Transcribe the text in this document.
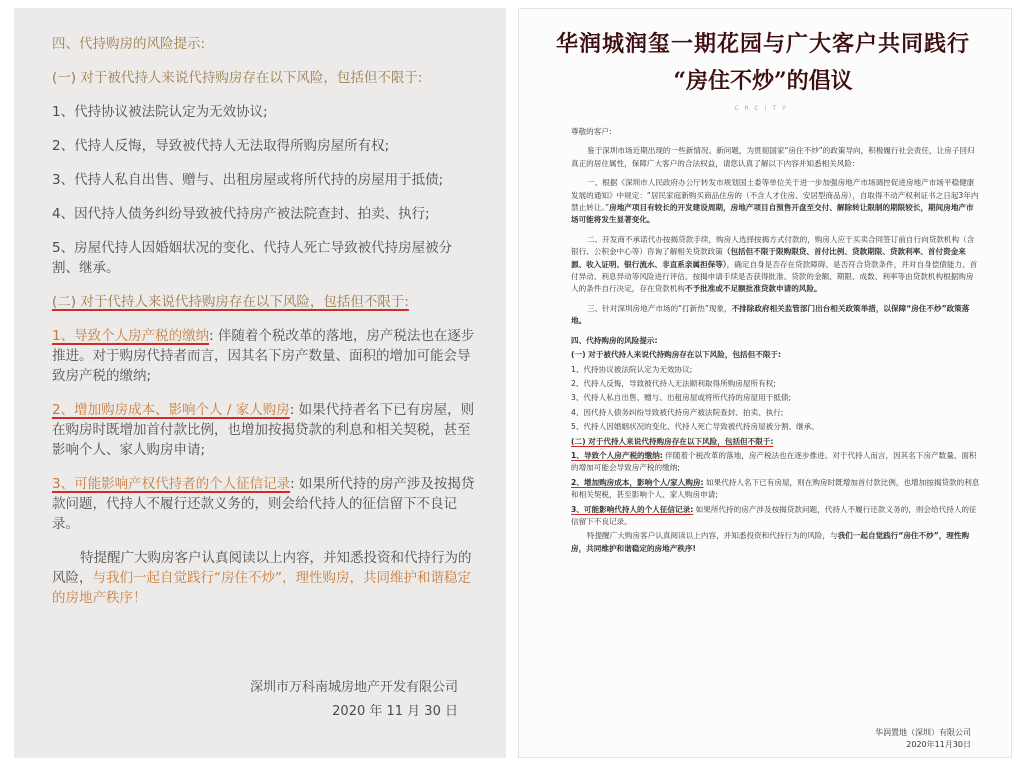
四、代持购房的风险提示:

(一) 对于被代持人来说代持购房存在以下风险，包括但不限于:

1、代持协议被法院认定为无效协议;

2、代持人反悔，导致被代持人无法取得所购房屋所有权;

3、代持人私自出售、赠与、出租房屋或将所代持的房屋用于抵债;

4、因代持人债务纠纷导致被代持房产被法院查封、拍卖、执行;

5、房屋代持人因婚姻状况的变化、代持人死亡导致被代持房屋被分割、继承。

(二) 对于代持人来说代持购房存在以下风险，包括但不限于:

1、导致个人房产税的缴纳: 伴随着个税改革的落地，房产税法也在逐步推进。对于购房代持者而言，因其名下房产数量、面积的增加可能会导致房产税的缴纳;

2、增加购房成本、影响个人 / 家人购房: 如果代持者名下已有房屋，则在购房时既增加首付款比例，也增加按揭贷款的利息和相关契税，甚至影响个人、家人购房申请;

3、可能影响产权代持者的个人征信记录: 如果所代持的房产涉及按揭贷款问题，代持人不履行还款义务的，则会给代持人的征信留下不良记录。

特提醒广大购房客户认真阅读以上内容，并知悉投资和代持行为的风险，与我们一起自觉践行“房住不炒”，理性购房，共同维护和谐稳定的房地产秩序！

深圳市万科南城房地产开发有限公司
2020 年 11 月 30 日
华润城润玺一期花园与广大客户共同践行
“房住不炒”的倡议
CRCITY

尊敬的客户:

鉴于深圳市场近期出现的一些新情况、新问题，为贯彻国家“房住不炒”的政策导向，积极履行社会责任，让房子回归真正的居住属性，保障广大客户的合法权益，请您认真了解以下内容并知悉相关风险:

一、根据《深圳市人民政府办公厅转发市规划国土委等单位关于进一步加强房地产市场调控促进房地产市场平稳健康发展的通知》中规定：“居民家庭新购买商品住房的（不含人才住房、安居型商品房），自取得不动产权利证书之日起3年内禁止转让。”房地产项目有较长的开发建设周期，房地产项目自预售开盘至交付、解除转让限制的期限较长，期间房地产市场可能将发生显著变化。

二、开发商不承诺代办按揭贷款手续，购房人选择按揭方式付款的，购房人应于买卖合同签订前自行向贷款机构（含银行、公积金中心等）咨询了解相关贷款政策（包括但不限于限购限贷、首付比例、贷款期限、贷款利率、首付资金来源、收入证明、银行流水、非直系亲属担保等），确定自身是否存在贷款障碍、是否符合贷款条件，并对自身偿债能力、首付异动、利息异动等风险进行评估。按揭申请手续是否获得批准、贷款的金额、期限、成数、利率等由贷款机构根据购房人的条件自行决定，存在贷款机构不予批准或不足额批准贷款申请的风险。

三、针对深圳房地产市场的“打新热”现象，不排除政府相关监管部门出台相关政策举措，以保障“房住不炒”政策落地。

四、代持购房的风险提示:

(一) 对于被代持人来说代持购房存在以下风险，包括但不限于:

1、代持协议被法院认定为无效协议;

2、代持人反悔，导致被代持人无法顺利取得所购房屋所有权;

3、代持人私自出售、赠与、出租房屋或将所代持的房屋用于抵债;

4、因代持人债务纠纷导致被代持房产被法院查封、拍卖、执行;

5、代持人因婚姻状况的变化、代持人死亡导致被代持房屋被分割、继承。

(二) 对于代持人来说代持购房存在以下风险，包括但不限于:

1、导致个人房产税的缴纳: 伴随着个税改革的落地，房产税法也在逐步推进。对于代持人而言，因其名下房产数量、面积的增加可能会导致房产税的缴纳;

2、增加购房成本，影响个人/家人购房: 如果代持人名下已有房屋，则在购房时既增加首付款比例，也增加按揭贷款的利息和相关契税，甚至影响个人、家人购房申请;

3、可能影响代持人的个人征信记录: 如果所代持的房产涉及按揭贷款问题，代持人不履行还款义务的，则会给代持人的征信留下不良记录。

特提醒广大购房客户认真阅读以上内容，并知悉投资和代持行为的风险，与我们一起自觉践行“房住不炒”，理性购房，共同维护和谐稳定的房地产秩序!

华润置地（深圳）有限公司
2020年11月30日
